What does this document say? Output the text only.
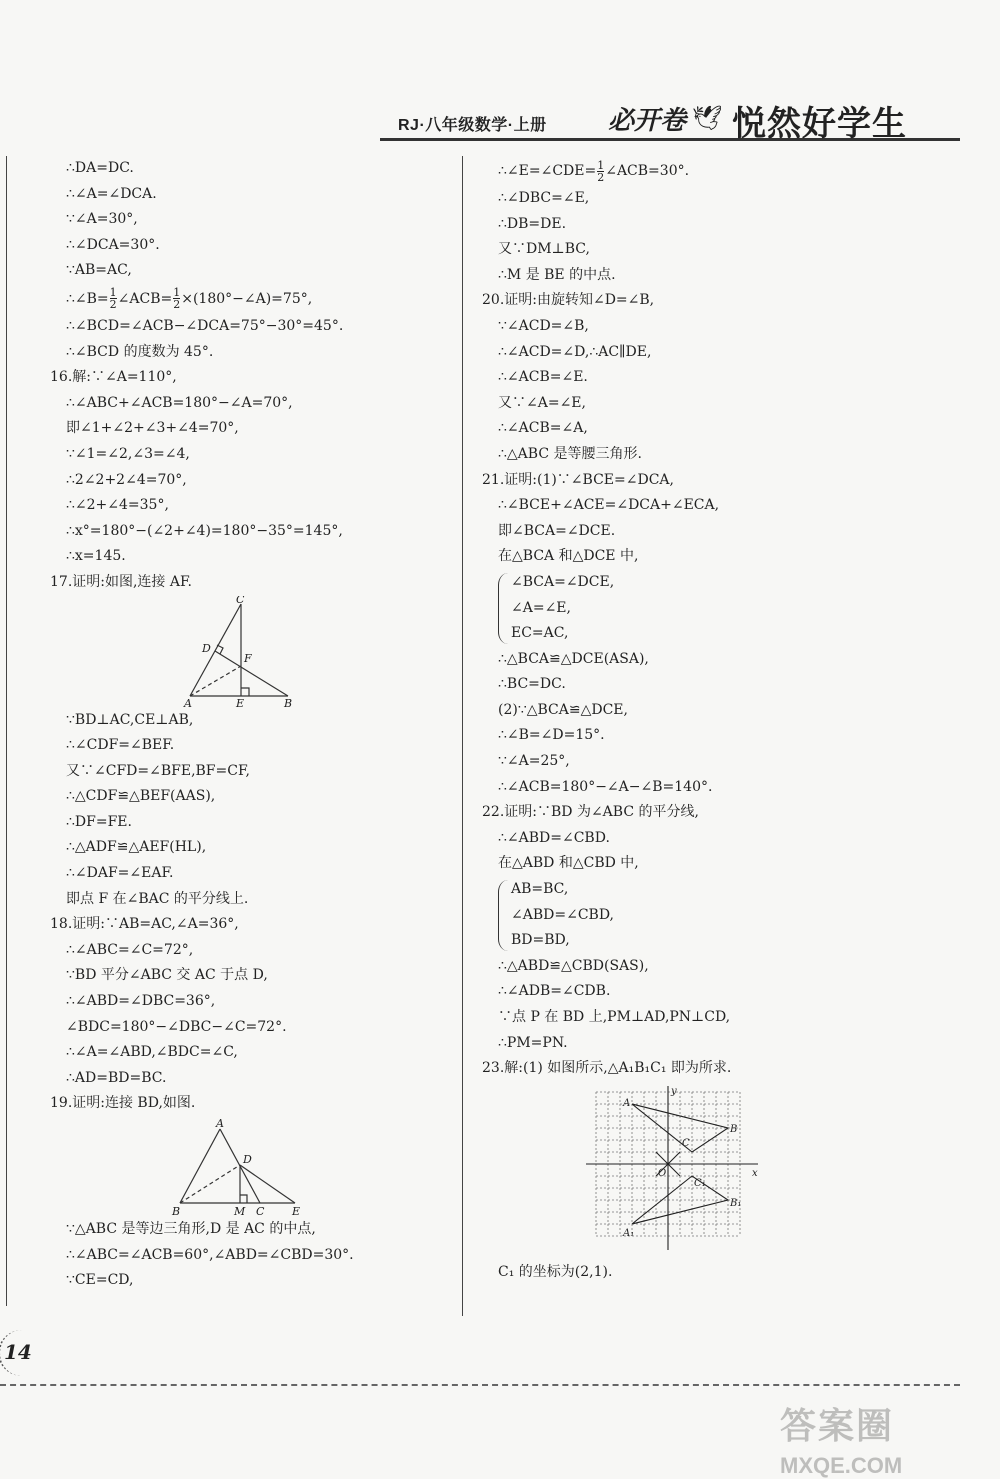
RJ·八年级数学·上册 必开卷 🕊 悦然好学生
∴DA=DC.
∴∠A=∠DCA.
∵∠A=30°,
∴∠DCA=30°.
∵AB=AC,
∴∠B= $\frac{1}{2}$ ∠ACB= $\frac{1}{2}$ ×(180°−∠A)=75°,
∴∠BCD=∠ACB−∠DCA=75°−30°=45°.
∴∠BCD 的度数为 45°.
16.解:∵∠A=110°,
∴∠ABC+∠ACB=180°−∠A=70°,
即∠1+∠2+∠3+∠4=70°,
∵∠1=∠2,∠3=∠4,
∴2∠2+2∠4=70°,
∴∠2+∠4=35°,
∴x°=180°−(∠2+∠4)=180°−35°=145°,
∴x=145.
17.证明:如图,连接 AF.
C
D
F
A	E	B
∵BD⊥AC,CE⊥AB,
∴∠CDF=∠BEF.
又∵∠CFD=∠BFE,BF=CF,
∴△CDF≌△BEF(AAS),
∴DF=FE.
∴△ADF≌△AEF(HL),
∴∠DAF=∠EAF.
即点 F 在∠BAC 的平分线上.
18.证明:∵AB=AC,∠A=36°,
∴∠ABC=∠C=72°,
∵BD 平分∠ABC 交 AC 于点 D,
∴∠ABD=∠DBC=36°,
∠BDC=180°−∠DBC−∠C=72°.
∴∠A=∠ABD,∠BDC=∠C,
∴AD=BD=BC.
19.证明:连接 BD,如图.
A
D
B	M C	E
∵△ABC 是等边三角形,D 是 AC 的中点,
∴∠ABC=∠ACB=60°,∠ABD=∠CBD=30°.
∵CE=CD,
∴∠E=∠CDE= $\frac{1}{2}$ ∠ACB=30°.
∴∠DBC=∠E,
∴DB=DE.
又∵DM⊥BC,
∴M 是 BE 的中点.
20.证明:由旋转知∠D=∠B,
∵∠ACD=∠B,
∴∠ACD=∠D,∴AC∥DE,
∴∠ACB=∠E.
又∵∠A=∠E,
∴∠ACB=∠A,
∴△ABC 是等腰三角形.
21.证明:(1)∵∠BCE=∠DCA,
∴∠BCE+∠ACE=∠DCA+∠ECA,
即∠BCA=∠DCE.
在△BCA 和△DCE 中,
∠BCA=∠DCE,
∠A=∠E,
EC=AC,
∴△BCA≌△DCE(ASA),
∴BC=DC.
(2)∵△BCA≌△DCE,
∴∠B=∠D=15°.
∵∠A=25°,
∴∠ACB=180°−∠A−∠B=140°.
22.证明:∵BD 为∠ABC 的平分线,
∴∠ABD=∠CBD.
在△ABD 和△CBD 中,
AB=BC,
∠ABD=∠CBD,
BD=BD,
∴△ABD≌△CBD(SAS),
∴∠ADB=∠CDB.
∵点 P 在 BD 上,PM⊥AD,PN⊥CD,
∴PM=PN.
23.解:(1) 如图所示,△A₁B₁C₁ 即为所求.
y
x
O
A
B
C
A₁
B₁
C₁
C₁ 的坐标为(2,1).
14
答案圈
MXQE.COM
